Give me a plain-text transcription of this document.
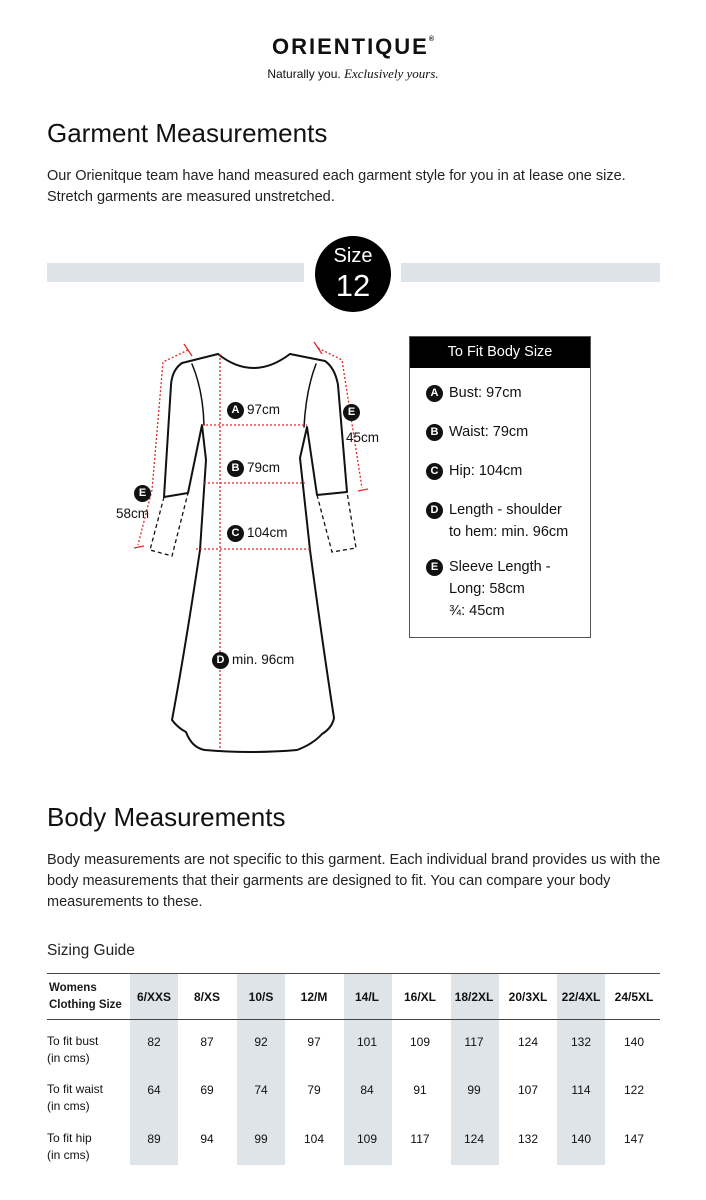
ORIENTIQUE®
Naturally you. Exclusively yours.
Garment Measurements

Our Orienitque team have hand measured each garment style for you in at lease one size. Stretch garments are measured unstretched.

Size
12
A 97cm
B 79cm
C 104cm
D min. 96cm
E
45cm
E
58cm
To Fit Body Size
A Bust: 97cm
B Waist: 79cm
C Hip: 104cm
D Length - shoulder
to hem: min. 96cm
E Sleeve Length -
Long: 58cm
¾: 45cm
Body Measurements

Body measurements are not specific to this garment. Each individual brand provides us with the body measurements that their garments are designed to fit. You can compare your body measurements to these.

Sizing Guide
Womens
Clothing Size
6/XXS	8/XS	10/S	12/M	14/L	16/XL	18/2XL	20/3XL	22/4XL	24/5XL
To fit bust
(in cms)
82	87	92	97	101	109	117	124	132	140
To fit waist
(in cms)
64	69	74	79	84	91	99	107	114	122
To fit hip
(in cms)
89	94	99	104	109	117	124	132	140	147
